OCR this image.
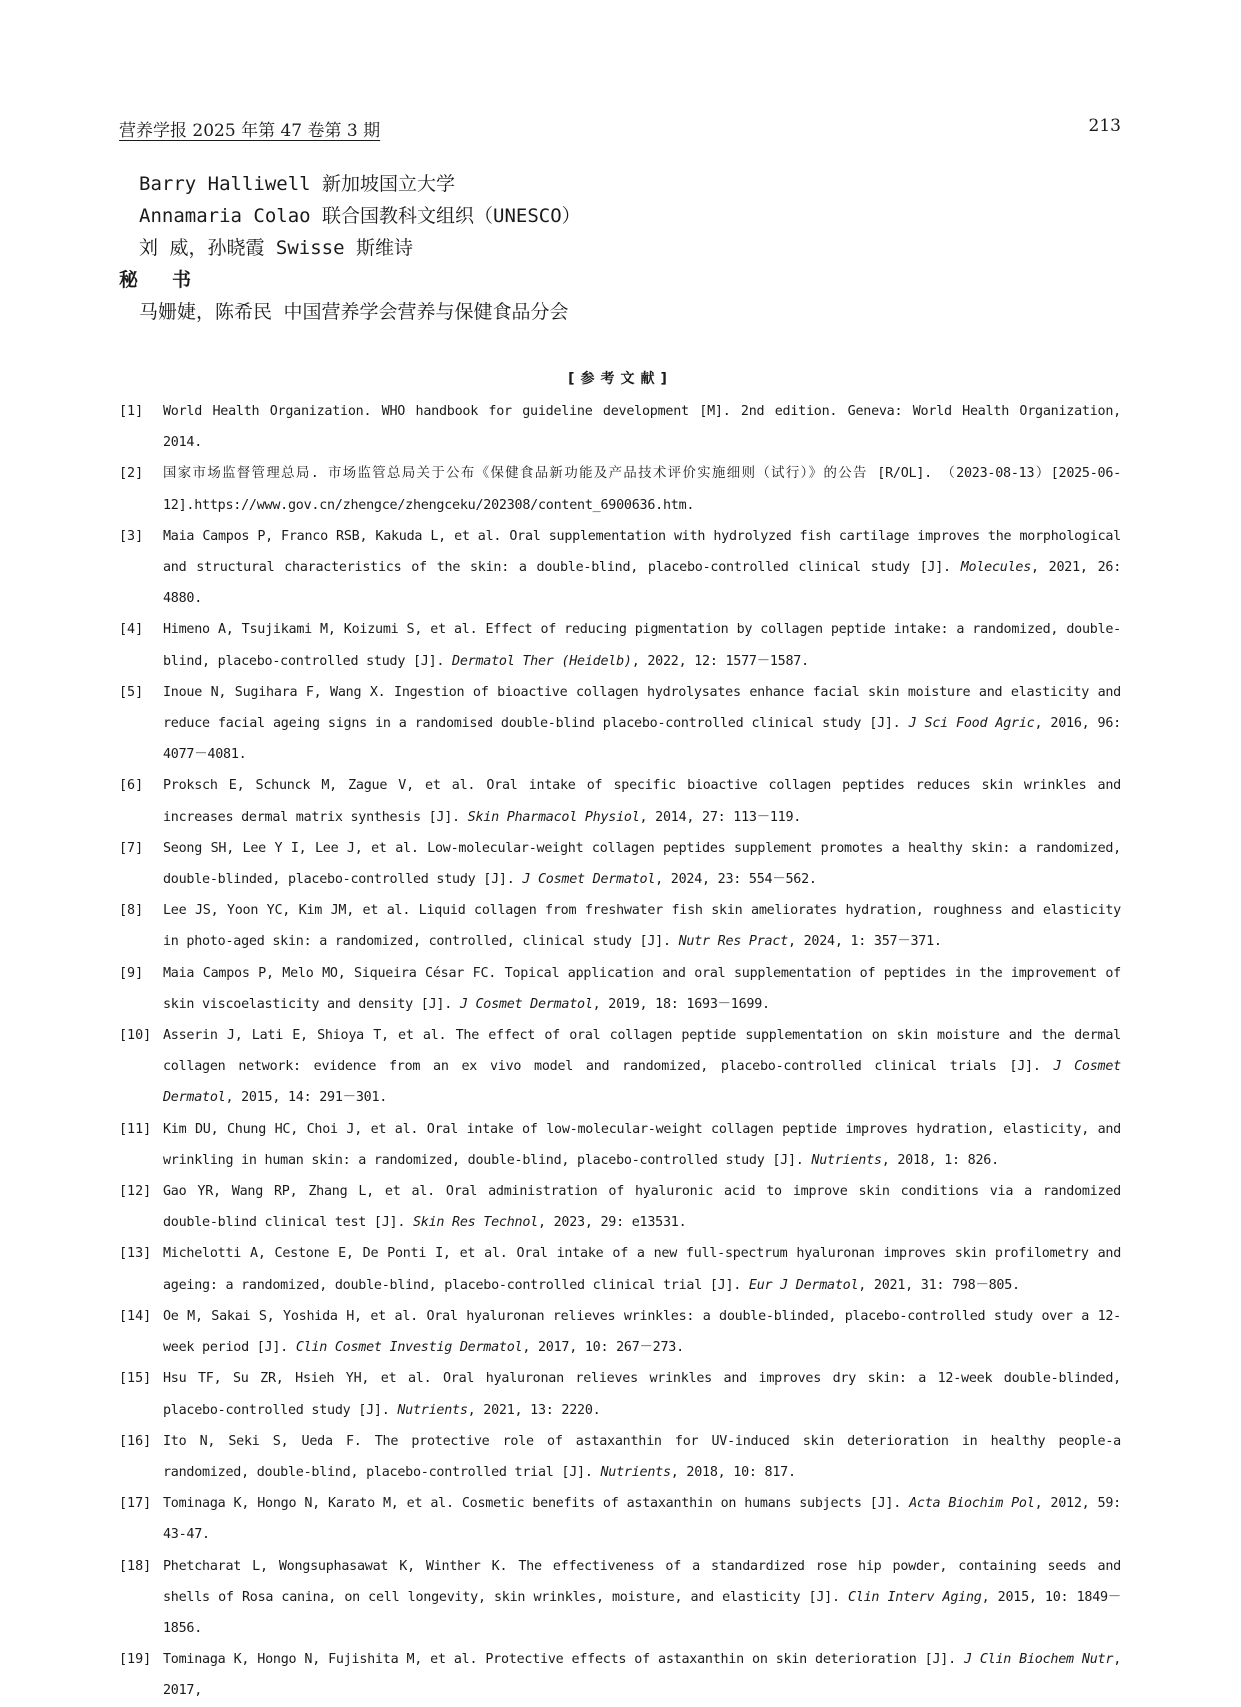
营养学报 2025 年第 47 卷第 3 期	213
Barry Halliwell 新加坡国立大学
Annamaria Colao 联合国教科文组织（UNESCO）
刘 威，孙晓霞 Swisse 斯维诗
秘书
马姗婕，陈希民 中国营养学会营养与保健食品分会
[参考文献]
[1]	World Health Organization. WHO handbook for guideline development [M]. 2nd edition. Geneva: World Health Organization, 2014.
[2]	国家市场监督管理总局. 市场监管总局关于公布《保健食品新功能及产品技术评价实施细则（试行）》的公告 [R/OL]. （2023-08-13）[2025-06-12].https://www.gov.cn/zhengce/zhengceku/202308/content_6900636.htm.
[3]	Maia Campos P, Franco RSB, Kakuda L, et al. Oral supplementation with hydrolyzed fish cartilage improves the morphological and structural characteristics of the skin: a double-blind, placebo-controlled clinical study [J]. Molecules, 2021, 26: 4880.
[4]	Himeno A, Tsujikami M, Koizumi S, et al. Effect of reducing pigmentation by collagen peptide intake: a randomized, double-blind, placebo-controlled study [J]. Dermatol Ther (Heidelb), 2022, 12: 1577－1587.
[5]	Inoue N, Sugihara F, Wang X. Ingestion of bioactive collagen hydrolysates enhance facial skin moisture and elasticity and reduce facial ageing signs in a randomised double-blind placebo-controlled clinical study [J]. J Sci Food Agric, 2016, 96: 4077－4081.
[6]	Proksch E, Schunck M, Zague V, et al. Oral intake of specific bioactive collagen peptides reduces skin wrinkles and increases dermal matrix synthesis [J]. Skin Pharmacol Physiol, 2014, 27: 113－119.
[7]	Seong SH, Lee Y I, Lee J, et al. Low-molecular-weight collagen peptides supplement promotes a healthy skin: a randomized, double-blinded, placebo-controlled study [J]. J Cosmet Dermatol, 2024, 23: 554－562.
[8]	Lee JS, Yoon YC, Kim JM, et al. Liquid collagen from freshwater fish skin ameliorates hydration, roughness and elasticity in photo-aged skin: a randomized, controlled, clinical study [J]. Nutr Res Pract, 2024, 1: 357－371.
[9]	Maia Campos P, Melo MO, Siqueira César FC. Topical application and oral supplementation of peptides in the improvement of skin viscoelasticity and density [J]. J Cosmet Dermatol, 2019, 18: 1693－1699.
[10] Asserin J, Lati E, Shioya T, et al. The effect of oral collagen peptide supplementation on skin moisture and the dermal collagen network: evidence from an ex vivo model and randomized, placebo-controlled clinical trials [J]. J Cosmet Dermatol, 2015, 14: 291－301.
[11] Kim DU, Chung HC, Choi J, et al. Oral intake of low-molecular-weight collagen peptide improves hydration, elasticity, and wrinkling in human skin: a randomized, double-blind, placebo-controlled study [J]. Nutrients, 2018, 1: 826.
[12] Gao YR, Wang RP, Zhang L, et al. Oral administration of hyaluronic acid to improve skin conditions via a randomized double-blind clinical test [J]. Skin Res Technol, 2023, 29: e13531.
[13] Michelotti A, Cestone E, De Ponti I, et al. Oral intake of a new full-spectrum hyaluronan improves skin profilometry and ageing: a randomized, double-blind, placebo-controlled clinical trial [J]. Eur J Dermatol, 2021, 31: 798－805.
[14] Oe M, Sakai S, Yoshida H, et al. Oral hyaluronan relieves wrinkles: a double-blinded, placebo-controlled study over a 12-week period [J]. Clin Cosmet Investig Dermatol, 2017, 10: 267－273.
[15] Hsu TF, Su ZR, Hsieh YH, et al. Oral hyaluronan relieves wrinkles and improves dry skin: a 12-week double-blinded, placebo-controlled study [J]. Nutrients, 2021, 13: 2220.
[16] Ito N, Seki S, Ueda F. The protective role of astaxanthin for UV-induced skin deterioration in healthy people-a randomized, double-blind, placebo-controlled trial [J]. Nutrients, 2018, 10: 817.
[17] Tominaga K, Hongo N, Karato M, et al. Cosmetic benefits of astaxanthin on humans subjects [J]. Acta Biochim Pol, 2012, 59: 43-47.
[18] Phetcharat L, Wongsuphasawat K, Winther K. The effectiveness of a standardized rose hip powder, containing seeds and shells of Rosa canina, on cell longevity, skin wrinkles, moisture, and elasticity [J]. Clin Interv Aging, 2015, 10: 1849－1856.
[19] Tominaga K, Hongo N, Fujishita M, et al. Protective effects of astaxanthin on skin deterioration [J]. J Clin Biochem Nutr, 2017,
